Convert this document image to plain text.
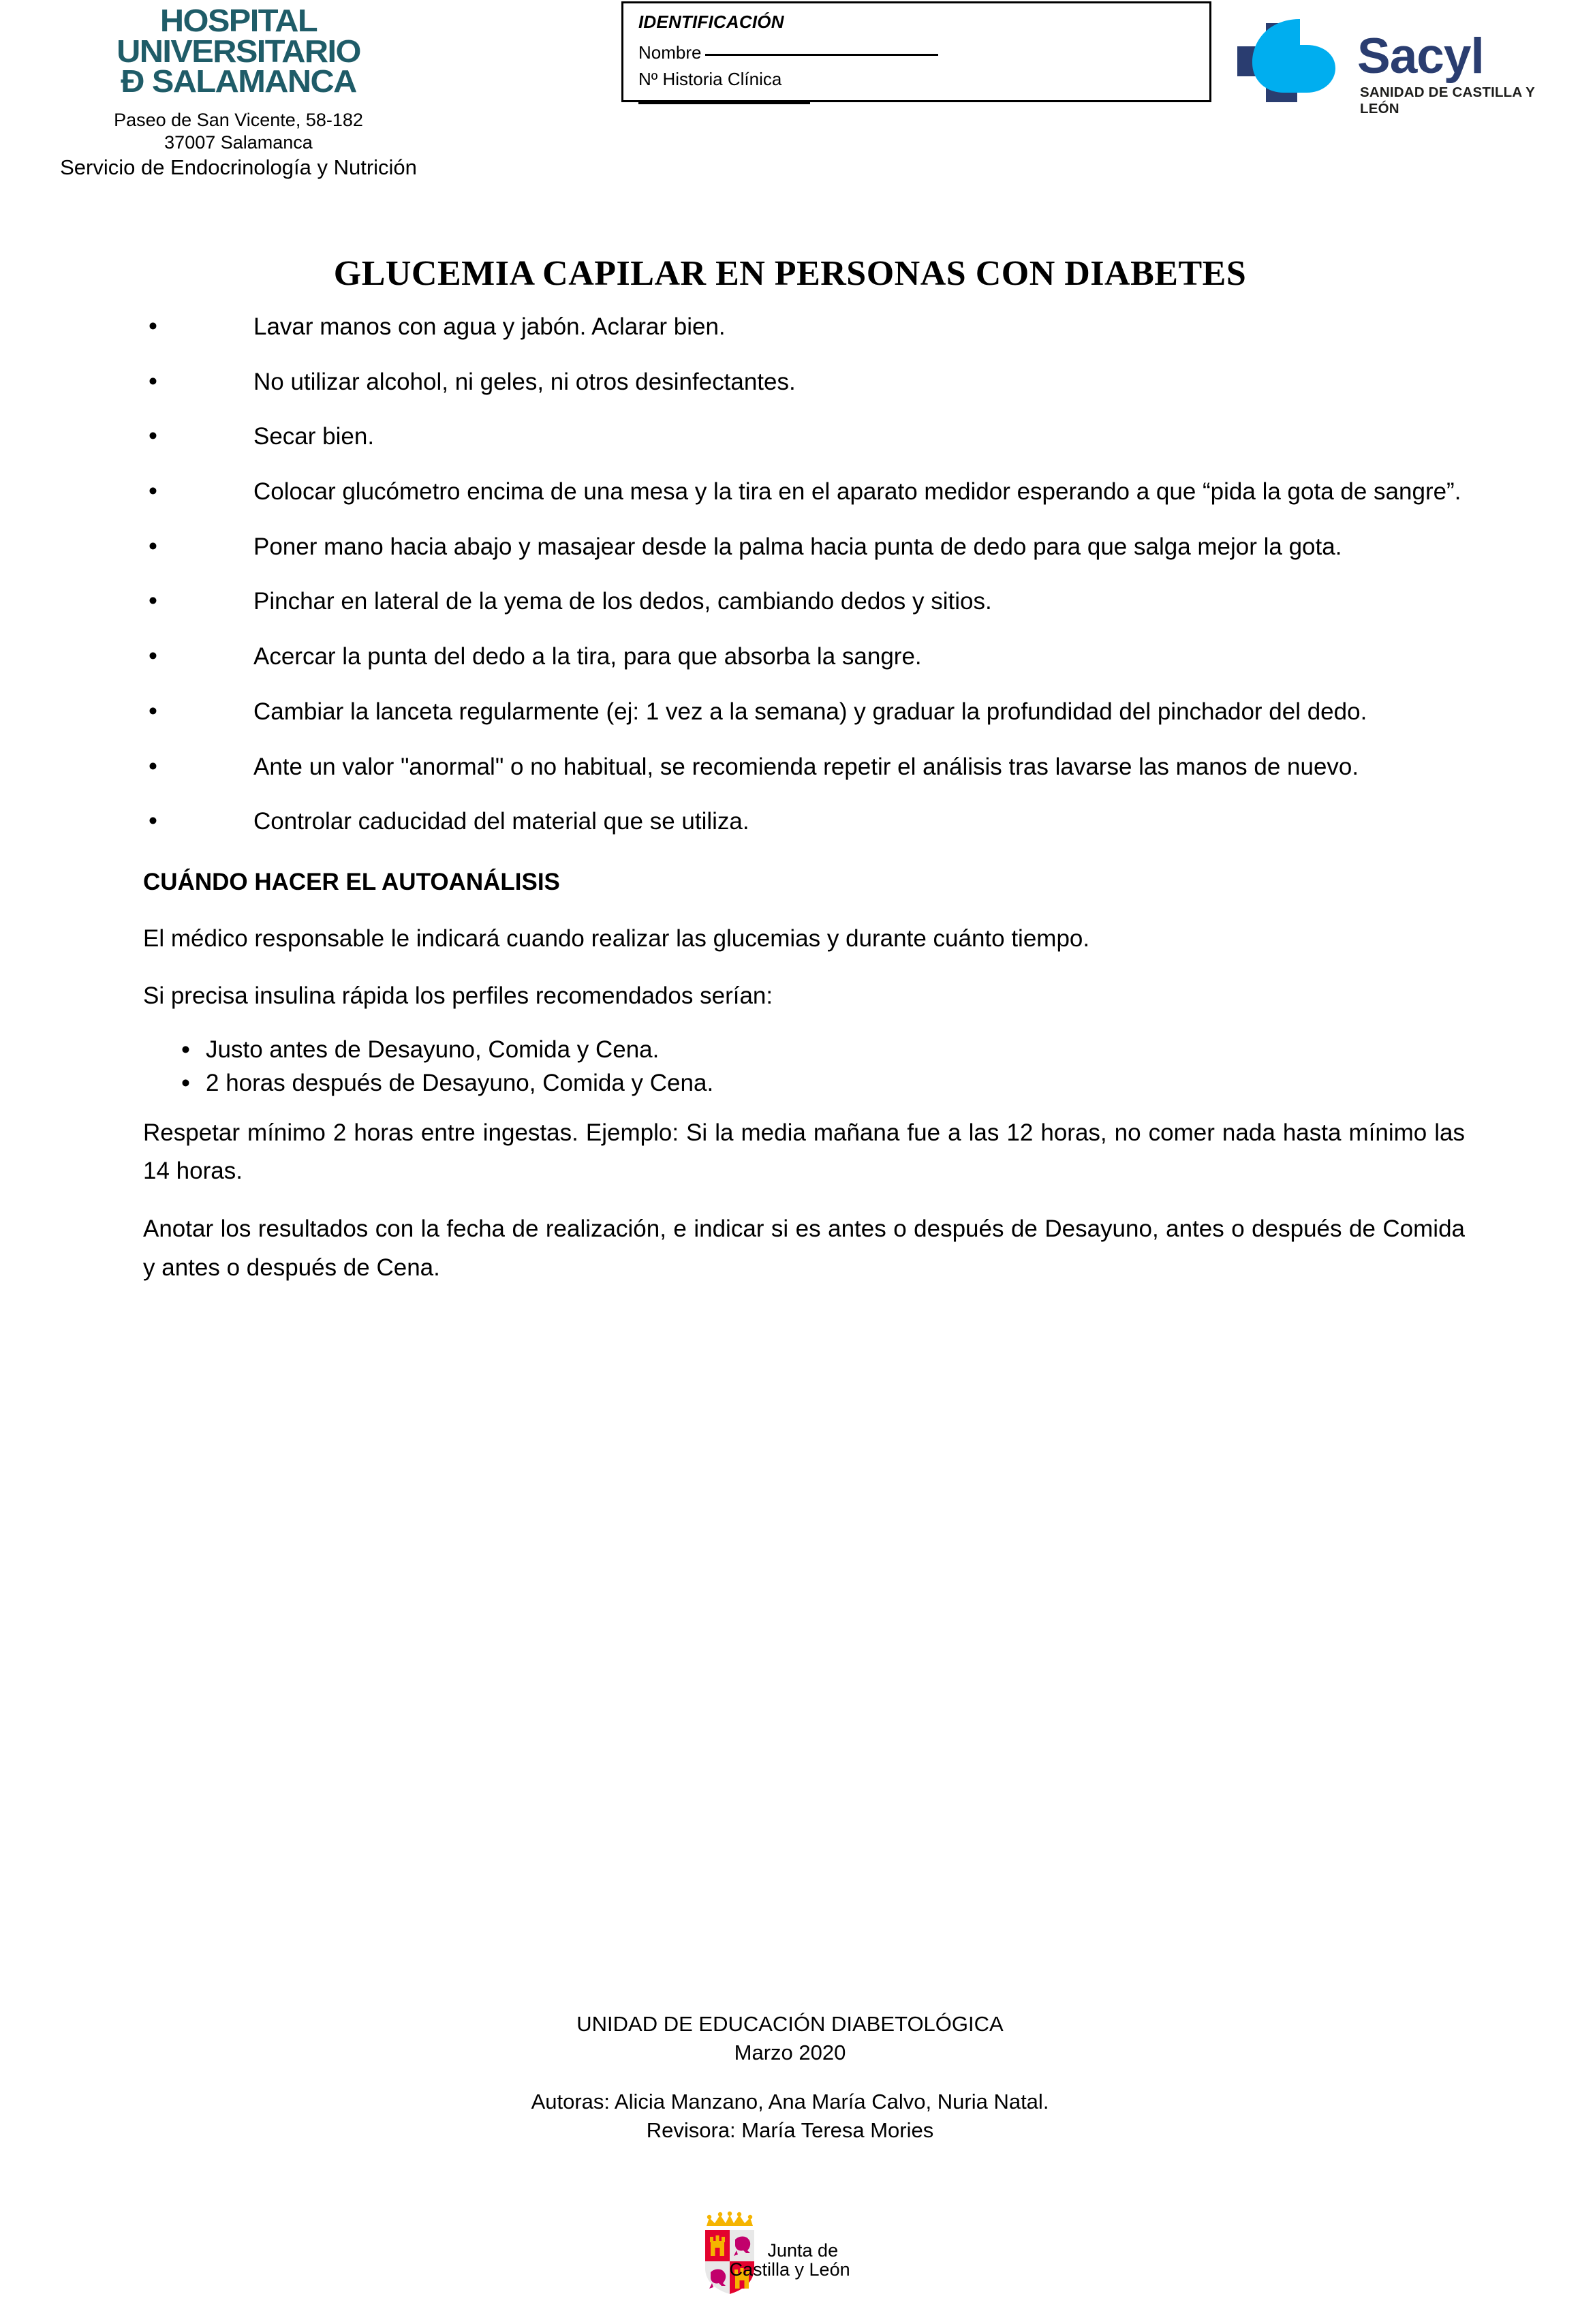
HOSPITAL
UNIVERSITARIO
Ð SALAMANCA
Paseo de San Vicente, 58-182
37007 Salamanca
Servicio de Endocrinología y Nutrición
IDENTIFICACIÓN
Nombre
Nº Historia Clínica	Sacyl
SANIDAD DE CASTILLA Y LEÓN
GLUCEMIA CAPILAR EN PERSONAS CON DIABETES
• Lavar manos con agua y jabón. Aclarar bien.
• No utilizar alcohol, ni geles, ni otros desinfectantes.
• Secar bien.
• Colocar glucómetro encima de una mesa y la tira en el aparato medidor esperando a que “pida la gota de sangre”.
• Poner mano hacia abajo y masajear desde la palma hacia punta de dedo para que salga mejor la gota.
• Pinchar en lateral de la yema de los dedos, cambiando dedos y sitios.
• Acercar la punta del dedo a la tira, para que absorba la sangre.
• Cambiar la lanceta regularmente (ej: 1 vez a la semana) y graduar la profundidad del pinchador del dedo.
• Ante un valor "anormal" o no habitual, se recomienda repetir el análisis tras lavarse las manos de nuevo.
• Controlar caducidad del material que se utiliza.
CUÁNDO HACER EL AUTOANÁLISIS
El médico responsable le indicará cuando realizar las glucemias y durante cuánto tiempo.
Si precisa insulina rápida los perfiles recomendados serían:
• Justo antes de Desayuno, Comida y Cena.
• 2 horas después de Desayuno, Comida y Cena.
Respetar mínimo 2 horas entre ingestas. Ejemplo: Si la media mañana fue a las 12 horas, no comer nada hasta mínimo las 14 horas.
Anotar los resultados con la fecha de realización, e indicar si es antes o después de Desayuno, antes o después de Comida y antes o después de Cena.
UNIDAD DE EDUCACIÓN DIABETOLÓGICA
Marzo 2020
Autoras: Alicia Manzano, Ana María Calvo, Nuria Natal.
Revisora: María Teresa Mories
Junta de
Castilla y León
